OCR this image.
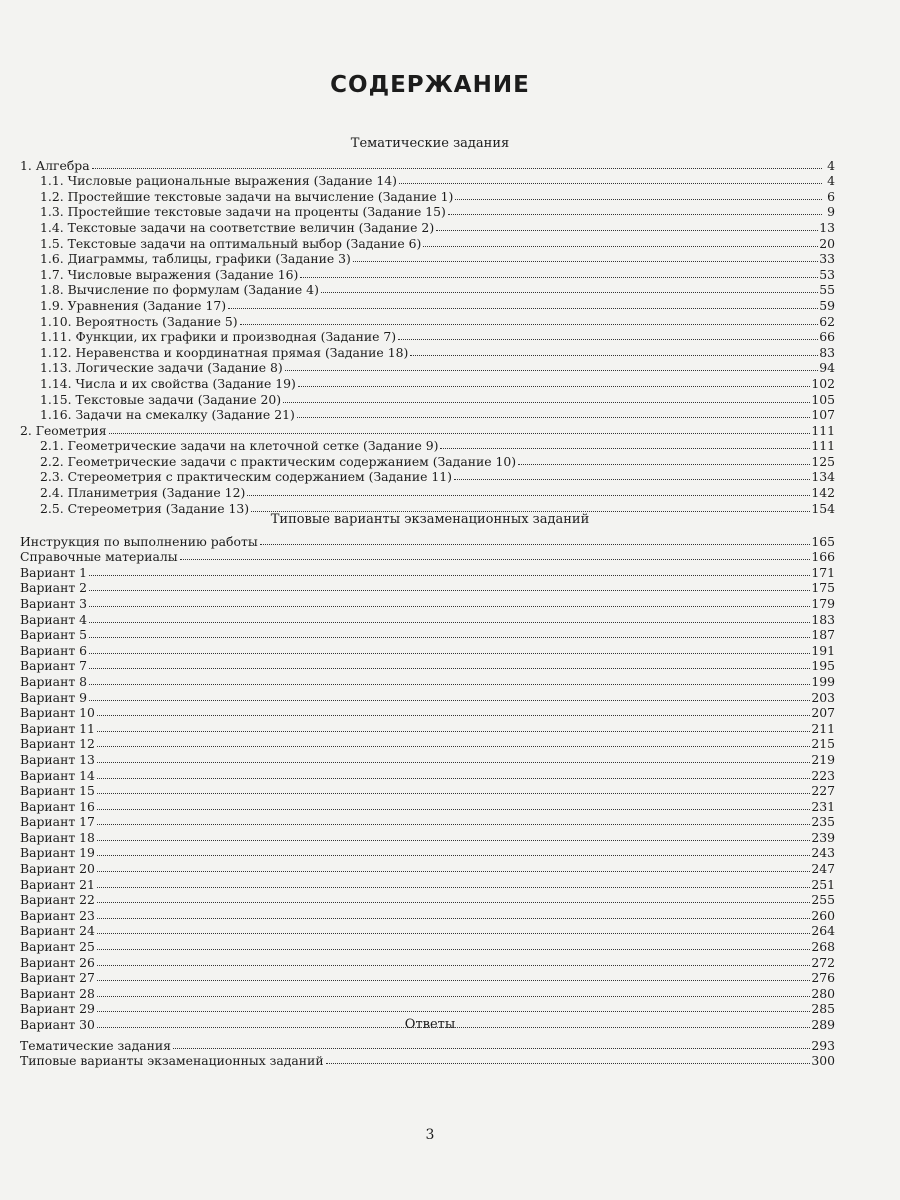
СОДЕРЖАНИЕ
Тематические задания
1. Алгебра	4
1.1. Числовые рациональные выражения (Задание 14)	4
1.2. Простейшие текстовые задачи на вычисление (Задание 1)	6
1.3. Простейшие текстовые задачи на проценты (Задание 15)	9
1.4. Текстовые задачи на соответствие величин (Задание 2)	13
1.5. Текстовые задачи на оптимальный выбор (Задание 6)	20
1.6. Диаграммы, таблицы, графики (Задание 3)	33
1.7. Числовые выражения (Задание 16)	53
1.8. Вычисление по формулам (Задание 4)	55
1.9. Уравнения (Задание 17)	59
1.10. Вероятность (Задание 5)	62
1.11. Функции, их графики и производная (Задание 7)	66
1.12. Неравенства и координатная прямая (Задание 18)	83
1.13. Логические задачи (Задание 8)	94
1.14. Числа и их свойства (Задание 19)	102
1.15. Текстовые задачи (Задание 20)	105
1.16. Задачи на смекалку (Задание 21)	107
2. Геометрия	111
2.1. Геометрические задачи на клеточной сетке (Задание 9)	111
2.2. Геометрические задачи с практическим содержанием (Задание 10)	125
2.3. Стереометрия с практическим содержанием (Задание 11)	134
2.4. Планиметрия (Задание 12)	142
2.5. Стереометрия (Задание 13)	154
Типовые варианты экзаменационных заданий
Инструкция по выполнению работы	165
Справочные материалы	166
Вариант 1	171
Вариант 2	175
Вариант 3	179
Вариант 4	183
Вариант 5	187
Вариант 6	191
Вариант 7	195
Вариант 8	199
Вариант 9	203
Вариант 10	207
Вариант 11	211
Вариант 12	215
Вариант 13	219
Вариант 14	223
Вариант 15	227
Вариант 16	231
Вариант 17	235
Вариант 18	239
Вариант 19	243
Вариант 20	247
Вариант 21	251
Вариант 22	255
Вариант 23	260
Вариант 24	264
Вариант 25	268
Вариант 26	272
Вариант 27	276
Вариант 28	280
Вариант 29	285
Вариант 30	289
Ответы
Тематические задания	293
Типовые варианты экзаменационных заданий	300
3
